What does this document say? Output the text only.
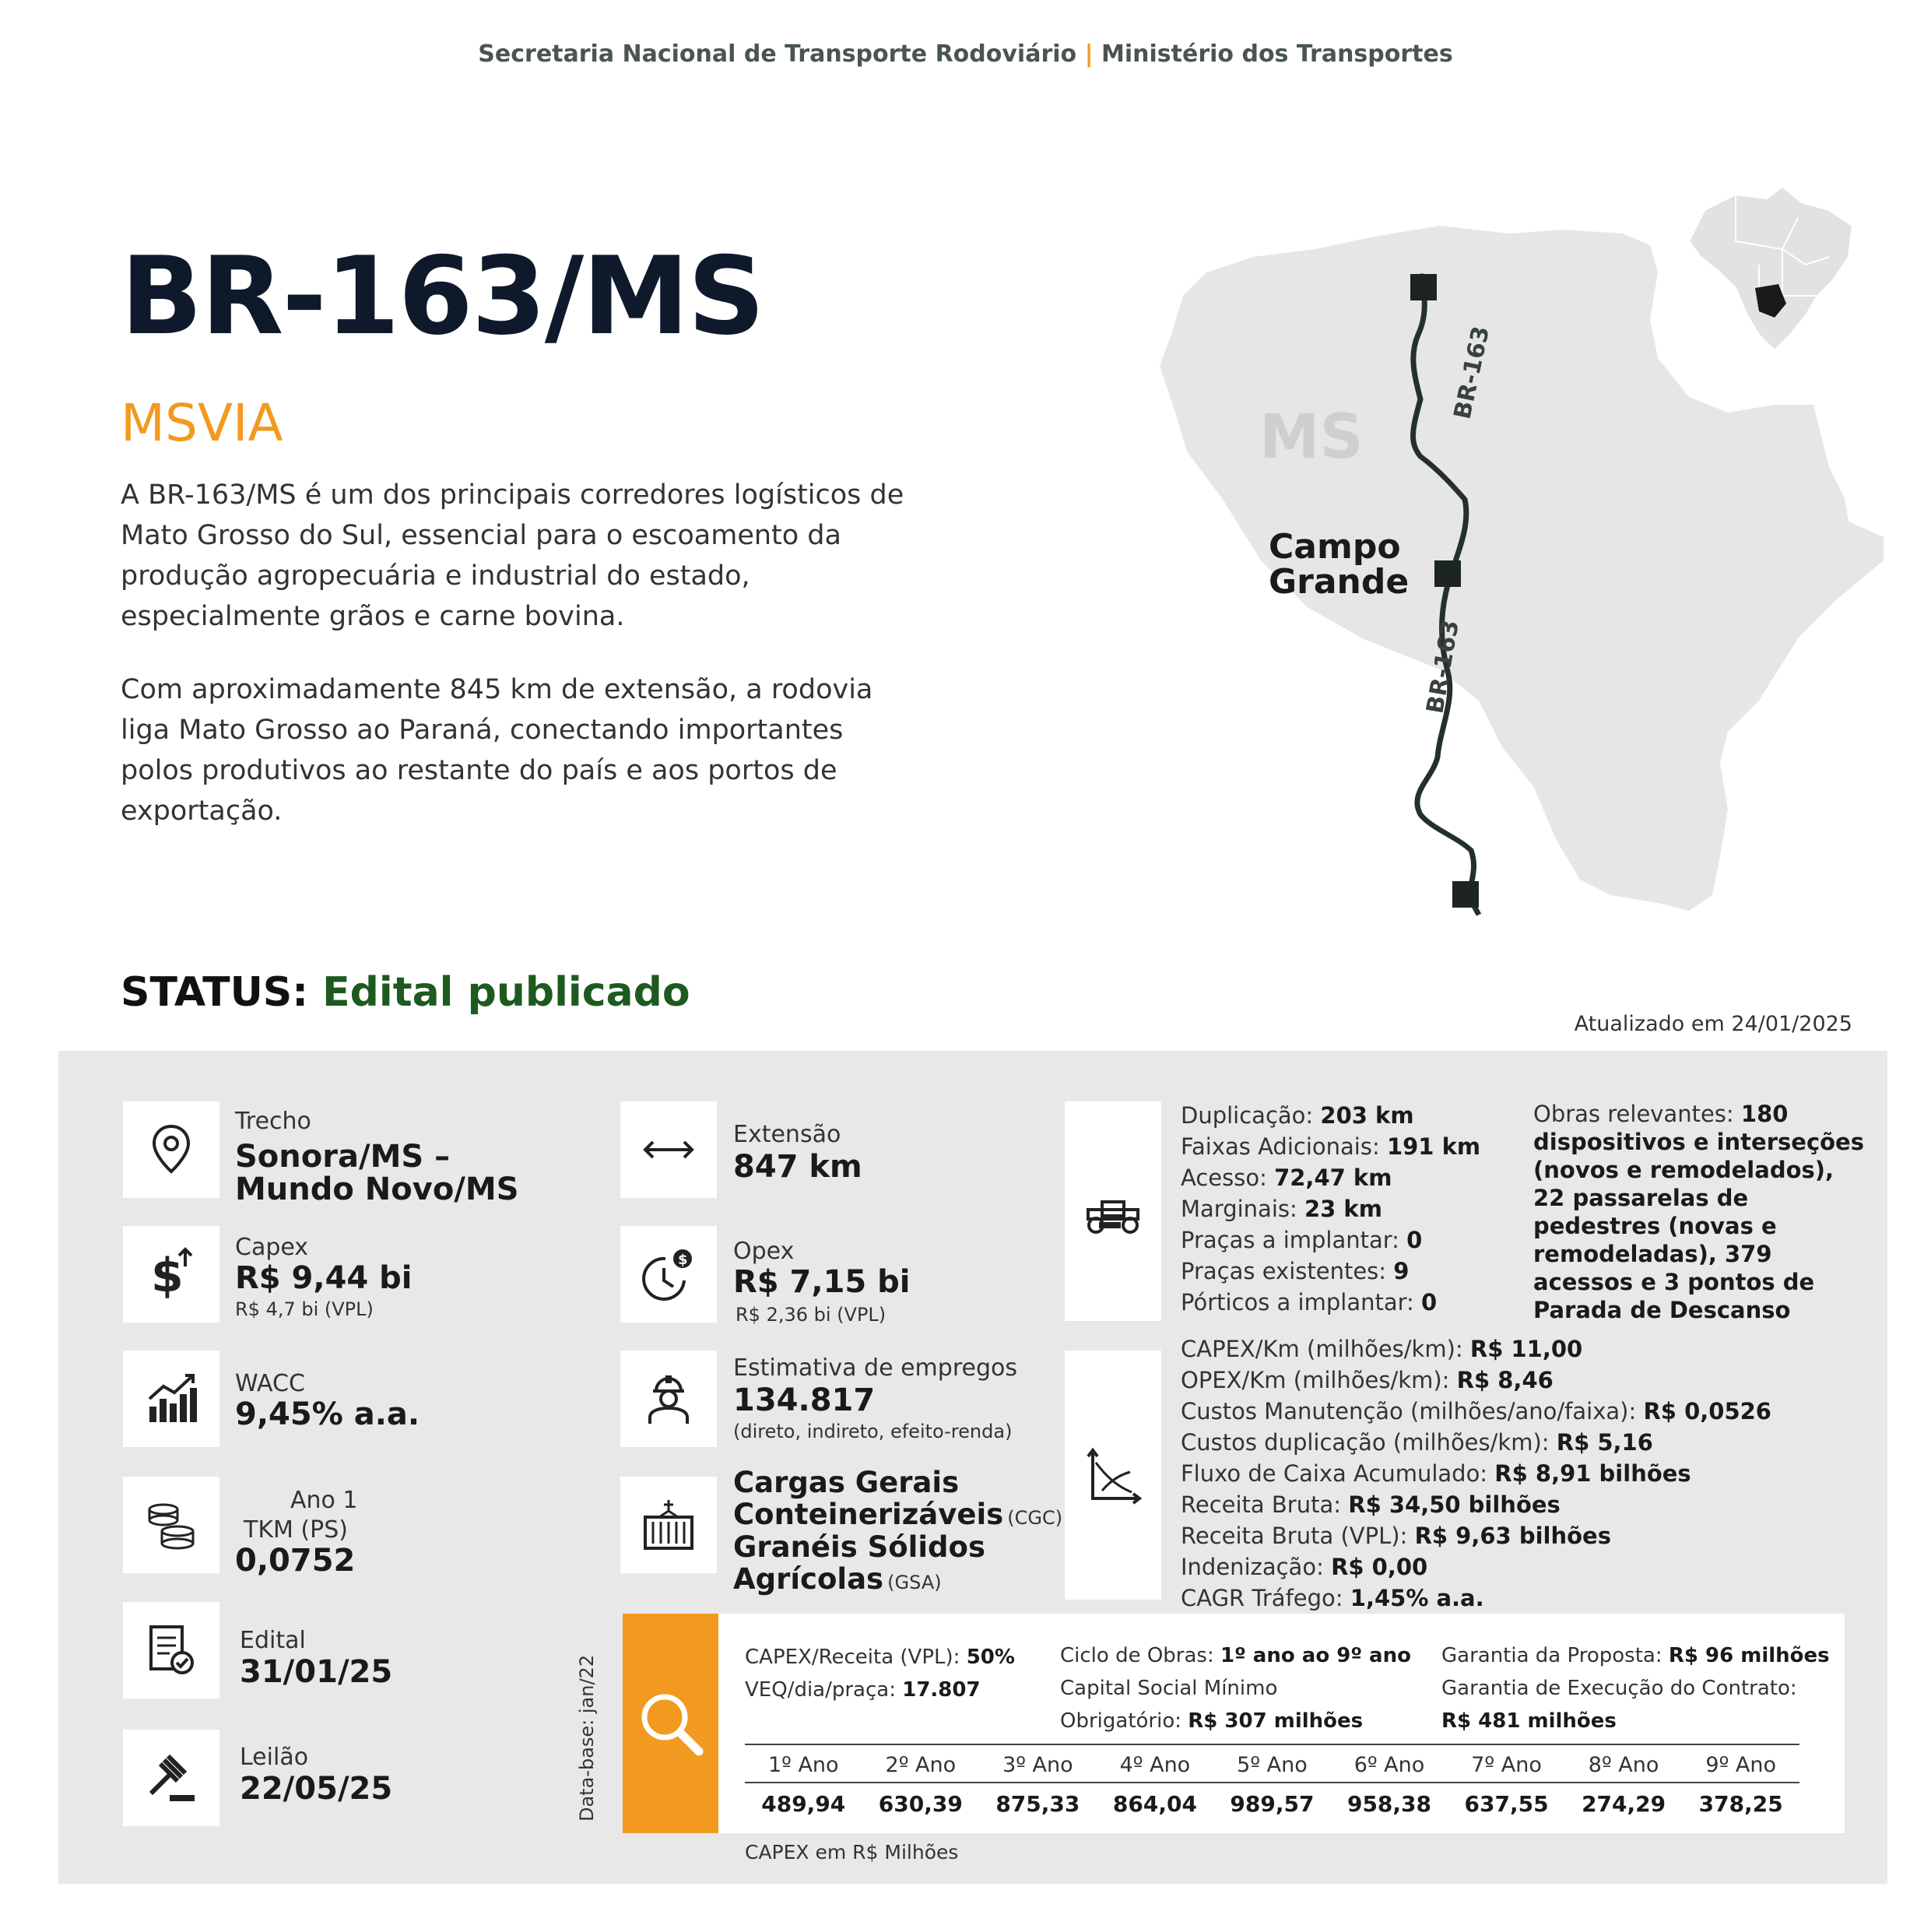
Secretaria Nacional de Transporte Rodoviário | Ministério dos Transportes
BR-163/MS
MSVIA
A BR-163/MS é um dos principais corredores logísticos de Mato Grosso do Sul, essencial para o escoamento da produção agropecuária e industrial do estado, especialmente grãos e carne bovina.
Com aproximadamente 845 km de extensão, a rodovia liga Mato Grosso ao Paraná, conectando importantes polos produtivos ao restante do país e aos portos de exportação.
MS
Campo
Grande
BR-163
BR-163
STATUS: Edital publicado
Atualizado em 24/01/2025
Trecho
Sonora/MS –
Mundo Novo/MS
$
Capex
R$ 9,44 bi
R$ 4,7 bi (VPL)
WACC
9,45% a.a.
Ano 1
TKM (PS)
0,0752
Edital
31/01/25
Leilão
22/05/25
Extensão
847 km
$ Opex
R$ 7,15 bi
R$ 2,36 bi (VPL)
Estimativa de empregos
134.817
(direto, indireto, efeito-renda)
Cargas Gerais
Conteinerizáveis (CGC)
Granéis Sólidos
Agrícolas (GSA)
Duplicação: 203 km
Faixas Adicionais: 191 km
Acesso: 72,47 km
Marginais: 23 km
Praças a implantar: 0
Praças existentes: 9
Pórticos a implantar: 0
Obras relevantes: 180 dispositivos e interseções (novos e remodelados), 22 passarelas de pedestres (novas e remodeladas), 379 acessos e 3 pontos de Parada de Descanso
CAPEX/Km (milhões/km): R$ 11,00
OPEX/Km (milhões/km): R$ 8,46
Custos Manutenção (milhões/ano/faixa): R$ 0,0526
Custos duplicação (milhões/km): R$ 5,16
Fluxo de Caixa Acumulado: R$ 8,91 bilhões
Receita Bruta: R$ 34,50 bilhões
Receita Bruta (VPL): R$ 9,63 bilhões
Indenização: R$ 0,00
CAGR Tráfego: 1,45% a.a.
Data-base: jan/22	CAPEX/Receita (VPL): 50%
VEQ/dia/praça: 17.807
Ciclo de Obras: 1º ano ao 9º ano
Capital Social Mínimo
Obrigatório: R$ 307 milhões
Garantia da Proposta: R$ 96 milhões
Garantia de Execução do Contrato:
R$ 481 milhões
1º Ano	2º Ano	3º Ano	4º Ano	5º Ano	6º Ano	7º Ano	8º Ano	9º Ano
489,94	630,39	875,33	864,04	989,57	958,38	637,55	274,29	378,25
CAPEX em R$ Milhões
